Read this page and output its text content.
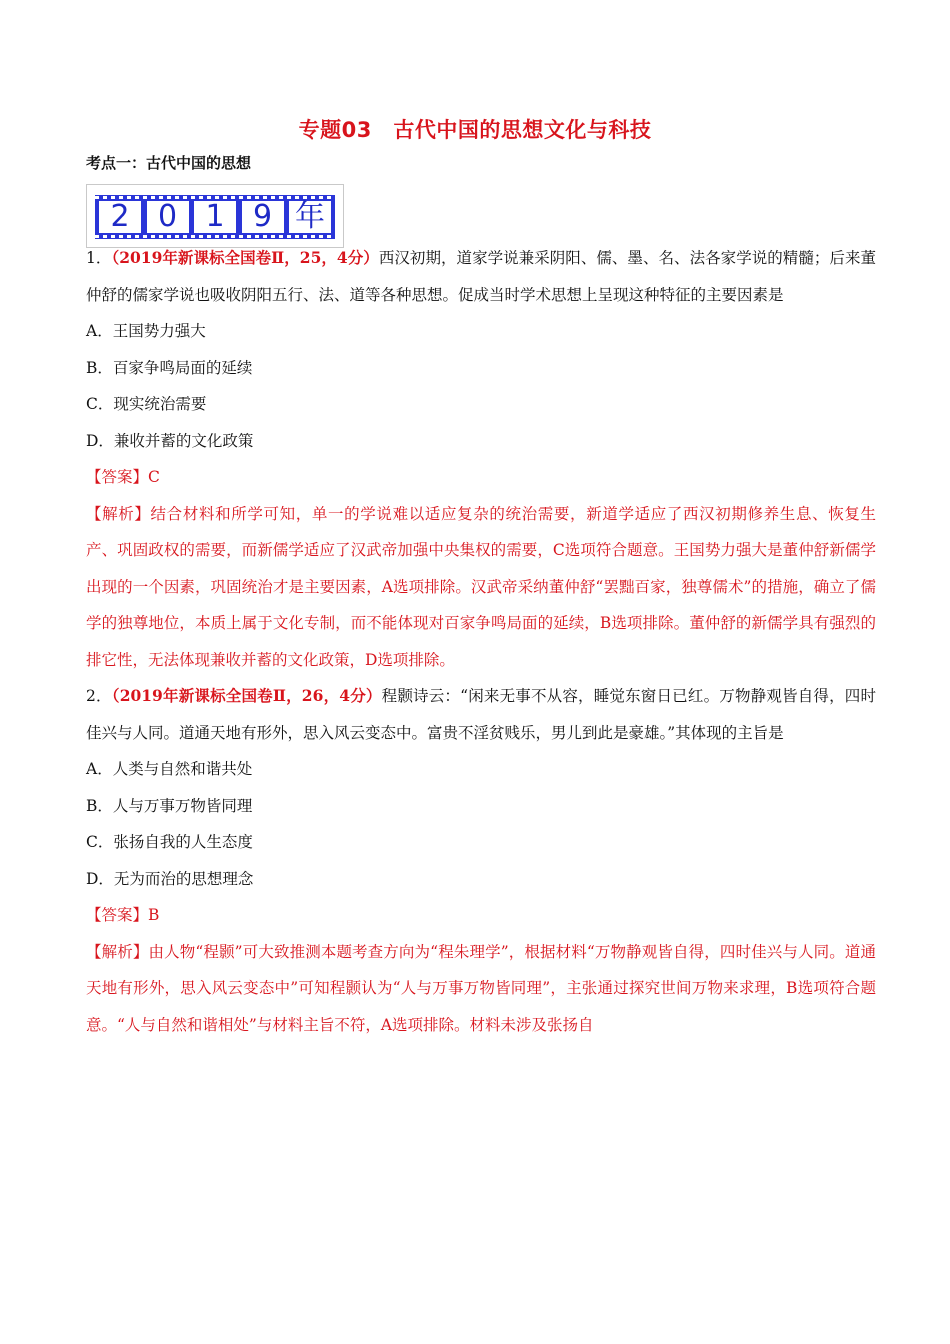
专题03　古代中国的思想文化与科技
考点一：古代中国的思想
2 0 1 9 年

1．（2019年新课标全国卷Ⅱ，25，4分）西汉初期，道家学说兼采阴阳、儒、墨、名、法各家学说的精髓；后来董仲舒的儒家学说也吸收阴阳五行、法、道等各种思想。促成当时学术思想上呈现这种特征的主要因素是

A．王国势力强大

B．百家争鸣局面的延续

C．现实统治需要

D．兼收并蓄的文化政策

【答案】C

【解析】结合材料和所学可知，单一的学说难以适应复杂的统治需要，新道学适应了西汉初期修养生息、恢复生产、巩固政权的需要，而新儒学适应了汉武帝加强中央集权的需要，C选项符合题意。王国势力强大是董仲舒新儒学出现的一个因素，巩固统治才是主要因素，A选项排除。汉武帝采纳董仲舒“罢黜百家，独尊儒术”的措施，确立了儒学的独尊地位，本质上属于文化专制，而不能体现对百家争鸣局面的延续，B选项排除。董仲舒的新儒学具有强烈的排它性，无法体现兼收并蓄的文化政策，D选项排除。

2．（2019年新课标全国卷Ⅱ，26，4分）程颢诗云：“闲来无事不从容，睡觉东窗日已红。万物静观皆自得，四时佳兴与人同。道通天地有形外，思入风云变态中。富贵不淫贫贱乐，男儿到此是豪雄。”其体现的主旨是

A．人类与自然和谐共处

B．人与万事万物皆同理

C．张扬自我的人生态度

D．无为而治的思想理念

【答案】B

【解析】由人物“程颢”可大致推测本题考查方向为“程朱理学”，根据材料“万物静观皆自得，四时佳兴与人同。道通天地有形外，思入风云变态中”可知程颢认为“人与万事万物皆同理”，主张通过探究世间万物来求理，B选项符合题意。“人与自然和谐相处”与材料主旨不符，A选项排除。材料未涉及张扬自
